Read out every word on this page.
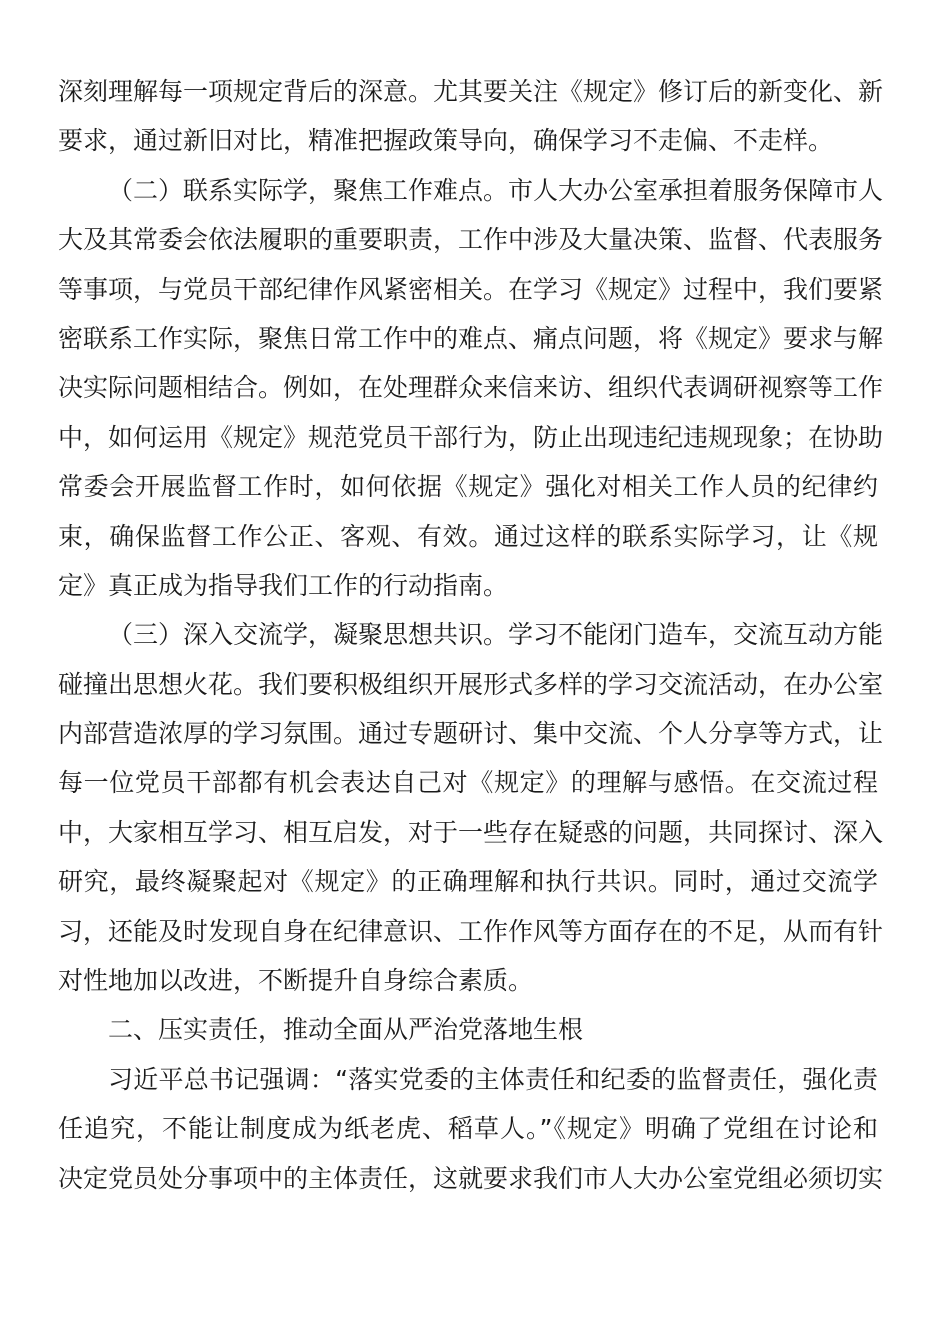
深刻理解每一项规定背后的深意。尤其要关注《规定》修订后的新变化、新
要求，通过新旧对比，精准把握政策导向，确保学习不走偏、不走样。
（二）联系实际学，聚焦工作难点。市人大办公室承担着服务保障市人
大及其常委会依法履职的重要职责，工作中涉及大量决策、监督、代表服务
等事项，与党员干部纪律作风紧密相关。在学习《规定》过程中，我们要紧
密联系工作实际，聚焦日常工作中的难点、痛点问题，将《规定》要求与解
决实际问题相结合。例如，在处理群众来信来访、组织代表调研视察等工作
中，如何运用《规定》规范党员干部行为，防止出现违纪违规现象；在协助
常委会开展监督工作时，如何依据《规定》强化对相关工作人员的纪律约
束，确保监督工作公正、客观、有效。通过这样的联系实际学习，让《规
定》真正成为指导我们工作的行动指南。
（三）深入交流学，凝聚思想共识。学习不能闭门造车，交流互动方能
碰撞出思想火花。我们要积极组织开展形式多样的学习交流活动，在办公室
内部营造浓厚的学习氛围。通过专题研讨、集中交流、个人分享等方式，让
每一位党员干部都有机会表达自己对《规定》的理解与感悟。在交流过程
中，大家相互学习、相互启发，对于一些存在疑惑的问题，共同探讨、深入
研究，最终凝聚起对《规定》的正确理解和执行共识。同时，通过交流学
习，还能及时发现自身在纪律意识、工作作风等方面存在的不足，从而有针
对性地加以改进，不断提升自身综合素质。
二、压实责任，推动全面从严治党落地生根
习近平总书记强调：“落实党委的主体责任和纪委的监督责任，强化责
任追究，不能让制度成为纸老虎、稻草人。”《规定》明确了党组在讨论和
决定党员处分事项中的主体责任，这就要求我们市人大办公室党组必须切实
